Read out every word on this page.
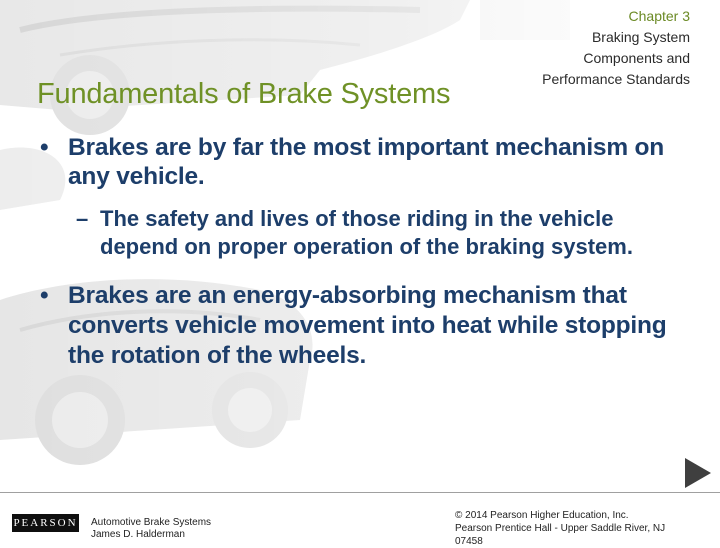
Chapter 3
Braking System
Components and
Performance Standards
Fundamentals of Brake Systems
• Brakes are by far the most important mechanism on any vehicle.
– The safety and lives of those riding in the vehicle depend on proper operation of the braking system.
• Brakes are an energy-absorbing mechanism that converts vehicle movement into heat while stopping the rotation of the wheels.
PEARSON Automotive Brake Systems
James D. Halderman
© 2014 Pearson Higher Education, Inc.
Pearson Prentice Hall - Upper Saddle River, NJ
07458
